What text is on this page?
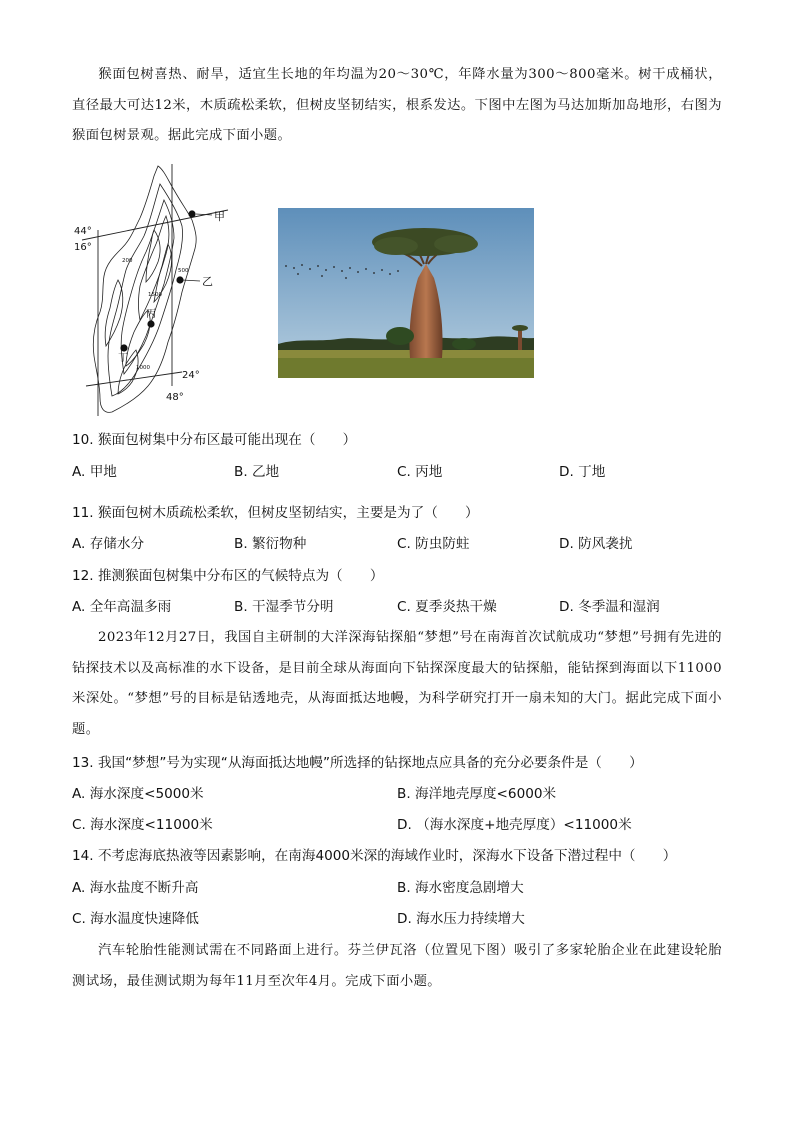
猴面包树喜热、耐旱，适宜生长地的年均温为20～30℃，年降水量为300～800毫米。树干成桶状，直径最大可达12米，木质疏松柔软，但树皮坚韧结实，根系发达。下图中左图为马达加斯加岛地形，右图为猴面包树景观。据此完成下面小题。
44°
16°
24°
48°
200
500
1500
1000
甲
乙
丙
丁
10. 猴面包树集中分布区最可能出现在（　　）
A. 甲地	B. 乙地	C. 丙地	D. 丁地
11. 猴面包树木质疏松柔软，但树皮坚韧结实，主要是为了（　　）
A. 存储水分	B. 繁衍物种	C. 防虫防蛀	D. 防风袭扰
12. 推测猴面包树集中分布区的气候特点为（　　）
A. 全年高温多雨	B. 干湿季节分明	C. 夏季炎热干燥	D. 冬季温和湿润
2023年12月27日，我国自主研制的大洋深海钻探船“梦想”号在南海首次试航成功“梦想”号拥有先进的钻探技术以及高标准的水下设备，是目前全球从海面向下钻探深度最大的钻探船，能钻探到海面以下11000米深处。“梦想”号的目标是钻透地壳，从海面抵达地幔，为科学研究打开一扇未知的大门。据此完成下面小题。
13. 我国“梦想”号为实现“从海面抵达地幔”所选择的钻探地点应具备的充分必要条件是（　　）
A. 海水深度<5000米	B. 海洋地壳厚度<6000米
C. 海水深度<11000米	D. （海水深度+地壳厚度）<11000米
14. 不考虑海底热液等因素影响，在南海4000米深的海域作业时，深海水下设备下潜过程中（　　）
A. 海水盐度不断升高	B. 海水密度急剧增大
C. 海水温度快速降低	D. 海水压力持续增大
汽车轮胎性能测试需在不同路面上进行。芬兰伊瓦洛（位置见下图）吸引了多家轮胎企业在此建设轮胎测试场，最佳测试期为每年11月至次年4月。完成下面小题。
